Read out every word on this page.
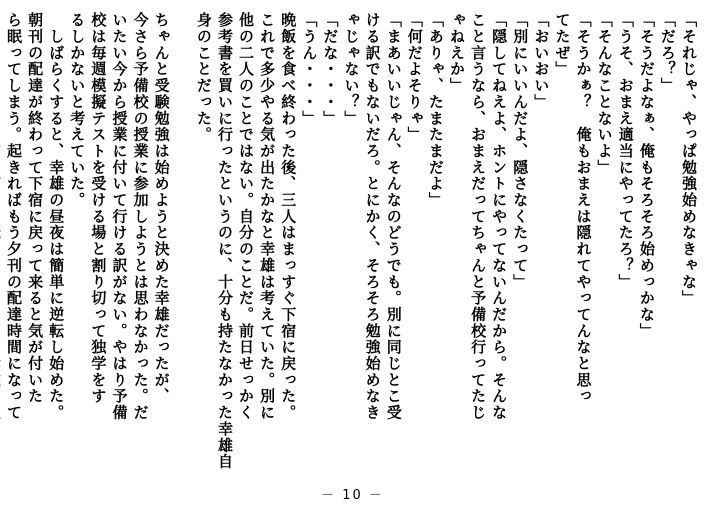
「それじゃ、やっぱ勉強始めなきゃな」
「だろ？」
「そうだよなぁ、俺もそろそろ始めっかな」
「うそ、おまえ適当にやってたろ？」
「そんなことないよ」
「そうかぁ？　俺もおまえは隠れてやってんなと思っ
てたぜ」
「おいおい」
「別にいいんだよ、隠さなくたって」
「隠してねえよ、ホントにやってないんだから。そんな
こと言うなら、おまえだってちゃんと予備校行ってたじ
ゃねえか」
「ありゃ、たまたまだよ」
「何だよそりゃ」
「まあいいじゃん、そんなのどうでも。別に同じとこ受
ける訳でもないだろ。とにかく、そろそろ勉強始めなき
ゃじゃない？」
「だな・・・」
「うん・・・」
晩飯を食べ終わった後、三人はまっすぐ下宿に戻った。
これで多少やる気が出たかなと幸雄は考えていた。別に
他の二人のことではない。自分のことだ。前日せっかく
参考書を買いに行ったというのに、十分も持たなかった幸雄自
身のことだった。
ちゃんと受験勉強は始めようと決めた幸雄だったが、
今さら予備校の授業に参加しようとは思わなかった。だ
いたい今から授業に付いて行ける訳がない。やはり予備
校は毎週模擬テストを受ける場と割り切って独学をす
るしかないと考えていた。
　しばらくすると、幸雄の昼夜は簡単に逆転し始めた。
朝刊の配達が終わって下宿に戻って来ると気が付いた
ら眠ってしまう。起きればもう夕刊の配達時間になって
－ 10 －
